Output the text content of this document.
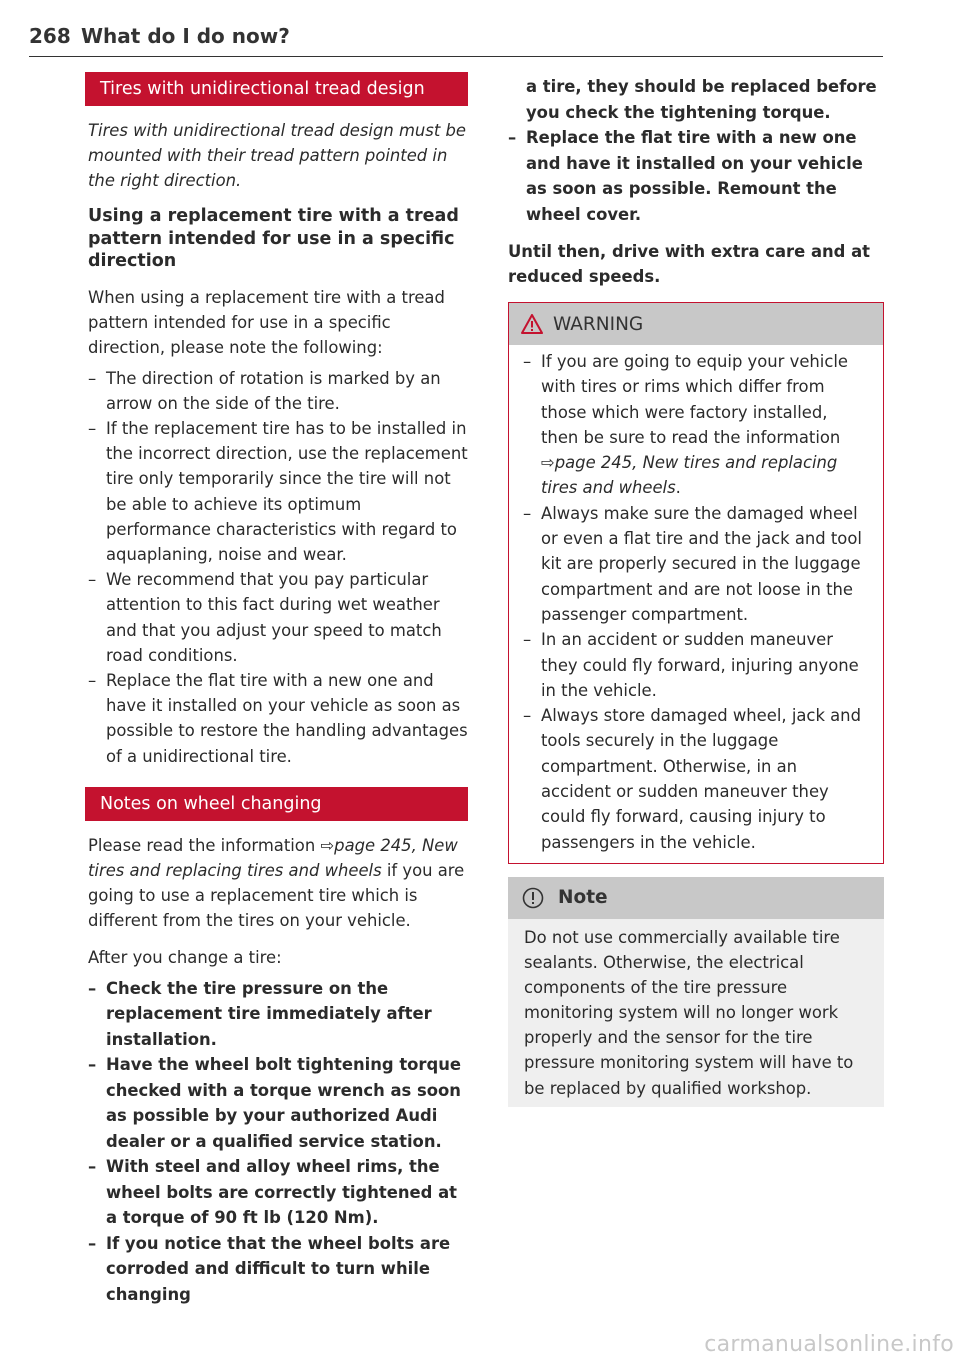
268 What do I do now?
Tires with unidirectional tread design

Tires with unidirectional tread design must be mounted with their tread pattern pointed in the right direction.

Using a replacement tire with a tread pattern intended for use in a specific direction

When using a replacement tire with a tread pattern intended for use in a specific direction, please note the following:

– The direction of rotation is marked by an arrow on the side of the tire.
– If the replacement tire has to be installed in the incorrect direction, use the replacement tire only temporarily since the tire will not be able to achieve its optimum performance characteristics with regard to aquaplaning, noise and wear.
– We recommend that you pay particular attention to this fact during wet weather and that you adjust your speed to match road conditions.
– Replace the flat tire with a new one and have it installed on your vehicle as soon as possible to restore the handling advantages of a unidirectional tire.
Notes on wheel changing

Please read the information ⇨page 245, New tires and replacing tires and wheels if you are going to use a replacement tire which is different from the tires on your vehicle.

After you change a tire:

– Check the tire pressure on the replacement tire immediately after installation.
– Have the wheel bolt tightening torque checked with a torque wrench as soon as possible by your authorized Audi dealer or a qualified service station.
– With steel and alloy wheel rims, the wheel bolts are correctly tightened at a torque of 90 ft lb (120 Nm).
– If you notice that the wheel bolts are corroded and difficult to turn while changing
a tire, they should be replaced before you check the tightening torque.
– Replace the flat tire with a new one and have it installed on your vehicle as soon as possible. Remount the wheel cover.

Until then, drive with extra care and at reduced speeds.

WARNING
– If you are going to equip your vehicle with tires or rims which differ from those which were factory installed, then be sure to read the information ⇨page 245, New tires and replacing tires and wheels.
– Always make sure the damaged wheel or even a flat tire and the jack and tool kit are properly secured in the luggage compartment and are not loose in the passenger compartment.
– In an accident or sudden maneuver they could fly forward, injuring anyone in the vehicle.
– Always store damaged wheel, jack and tools securely in the luggage compartment. Otherwise, in an accident or sudden maneuver they could fly forward, causing injury to passengers in the vehicle.
Note
Do not use commercially available tire sealants. Otherwise, the electrical components of the tire pressure monitoring system will no longer work properly and the sensor for the tire pressure monitoring system will have to be replaced by qualified workshop.
carmanualsonline.info
